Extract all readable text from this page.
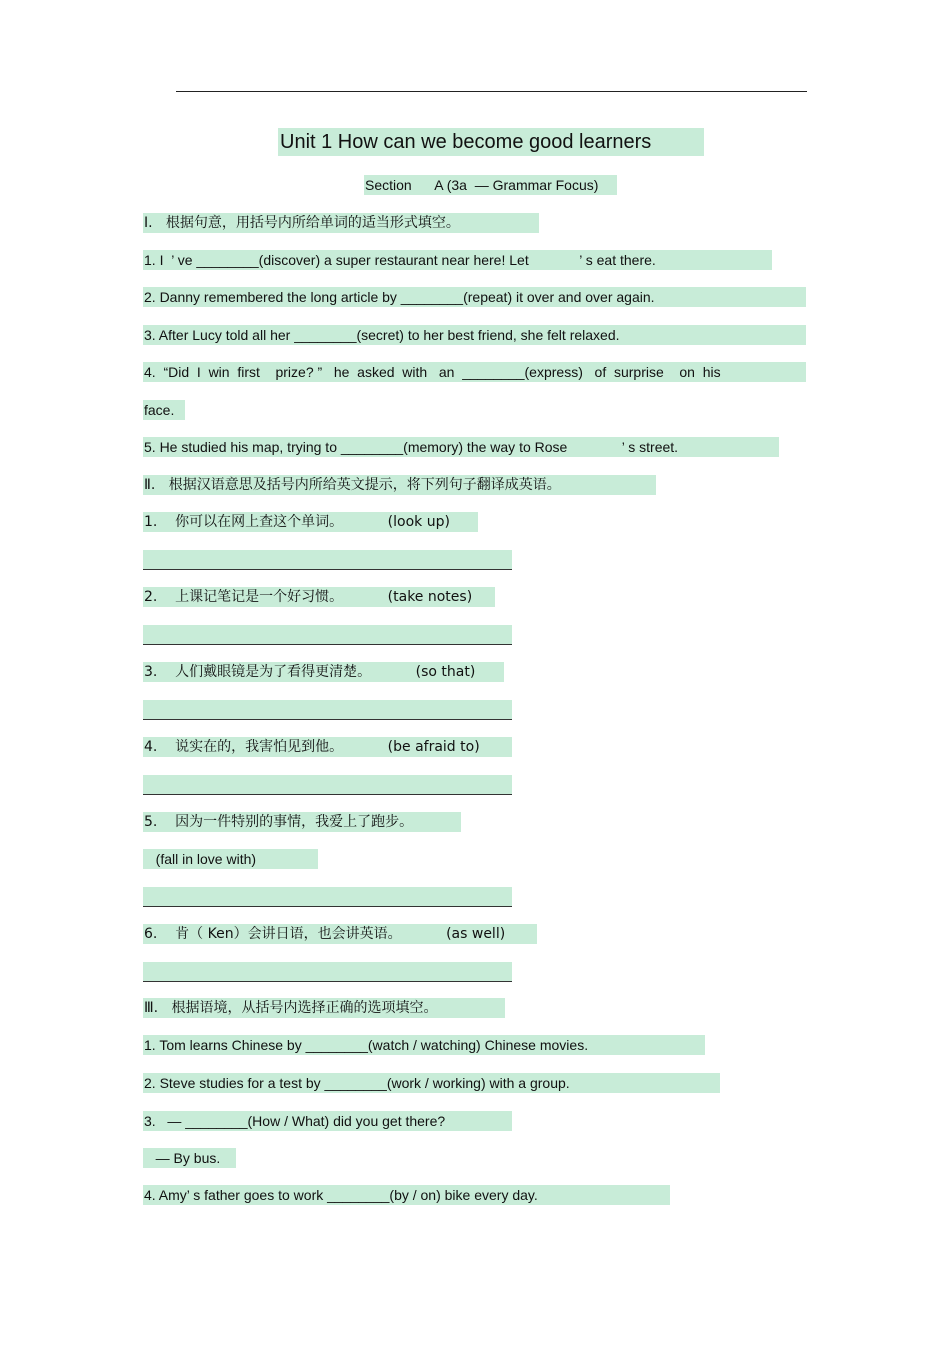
Unit 1 How can we become good learners
Section      A (3a  — Grammar Focus)
Ⅰ.   根据句意，用括号内所给单词的适当形式填空。
1. I  ’ ve ________(discover) a super restaurant near here! Let             ’ s eat there.
2. Danny remembered the long article by ________(repeat) it over and over again.
3. After Lucy told all her ________(secret) to her best friend, she felt relaxed.
4.  “Did  I  win  first    prize? ”   he  asked  with   an  ________(express)   of  surprise    on  his
face.
5. He studied his map, trying to ________(memory) the way to Rose              ’ s street.
Ⅱ.   根据汉语意思及括号内所给英文提示，将下列句子翻译成英语。
1.    你可以在网上查这个单词。          (look up)
2.    上课记笔记是一个好习惯。          (take notes)
3.    人们戴眼镜是为了看得更清楚。          (so that)
4.    说实在的，我害怕见到他。          (be afraid to)
5.    因为一件特别的事情，我爱上了跑步。
(fall in love with)
6.    肯（ Ken）会讲日语，也会讲英语。          (as well)
Ⅲ.   根据语境，从括号内选择正确的选项填空。
1. Tom learns Chinese by ________(watch / watching) Chinese movies.
2. Steve studies for a test by ________(work / working) with a group.
3.   — ________(How / What) did you get there?
— By bus.
4. Amy’ s father goes to work ________(by / on) bike every day.
